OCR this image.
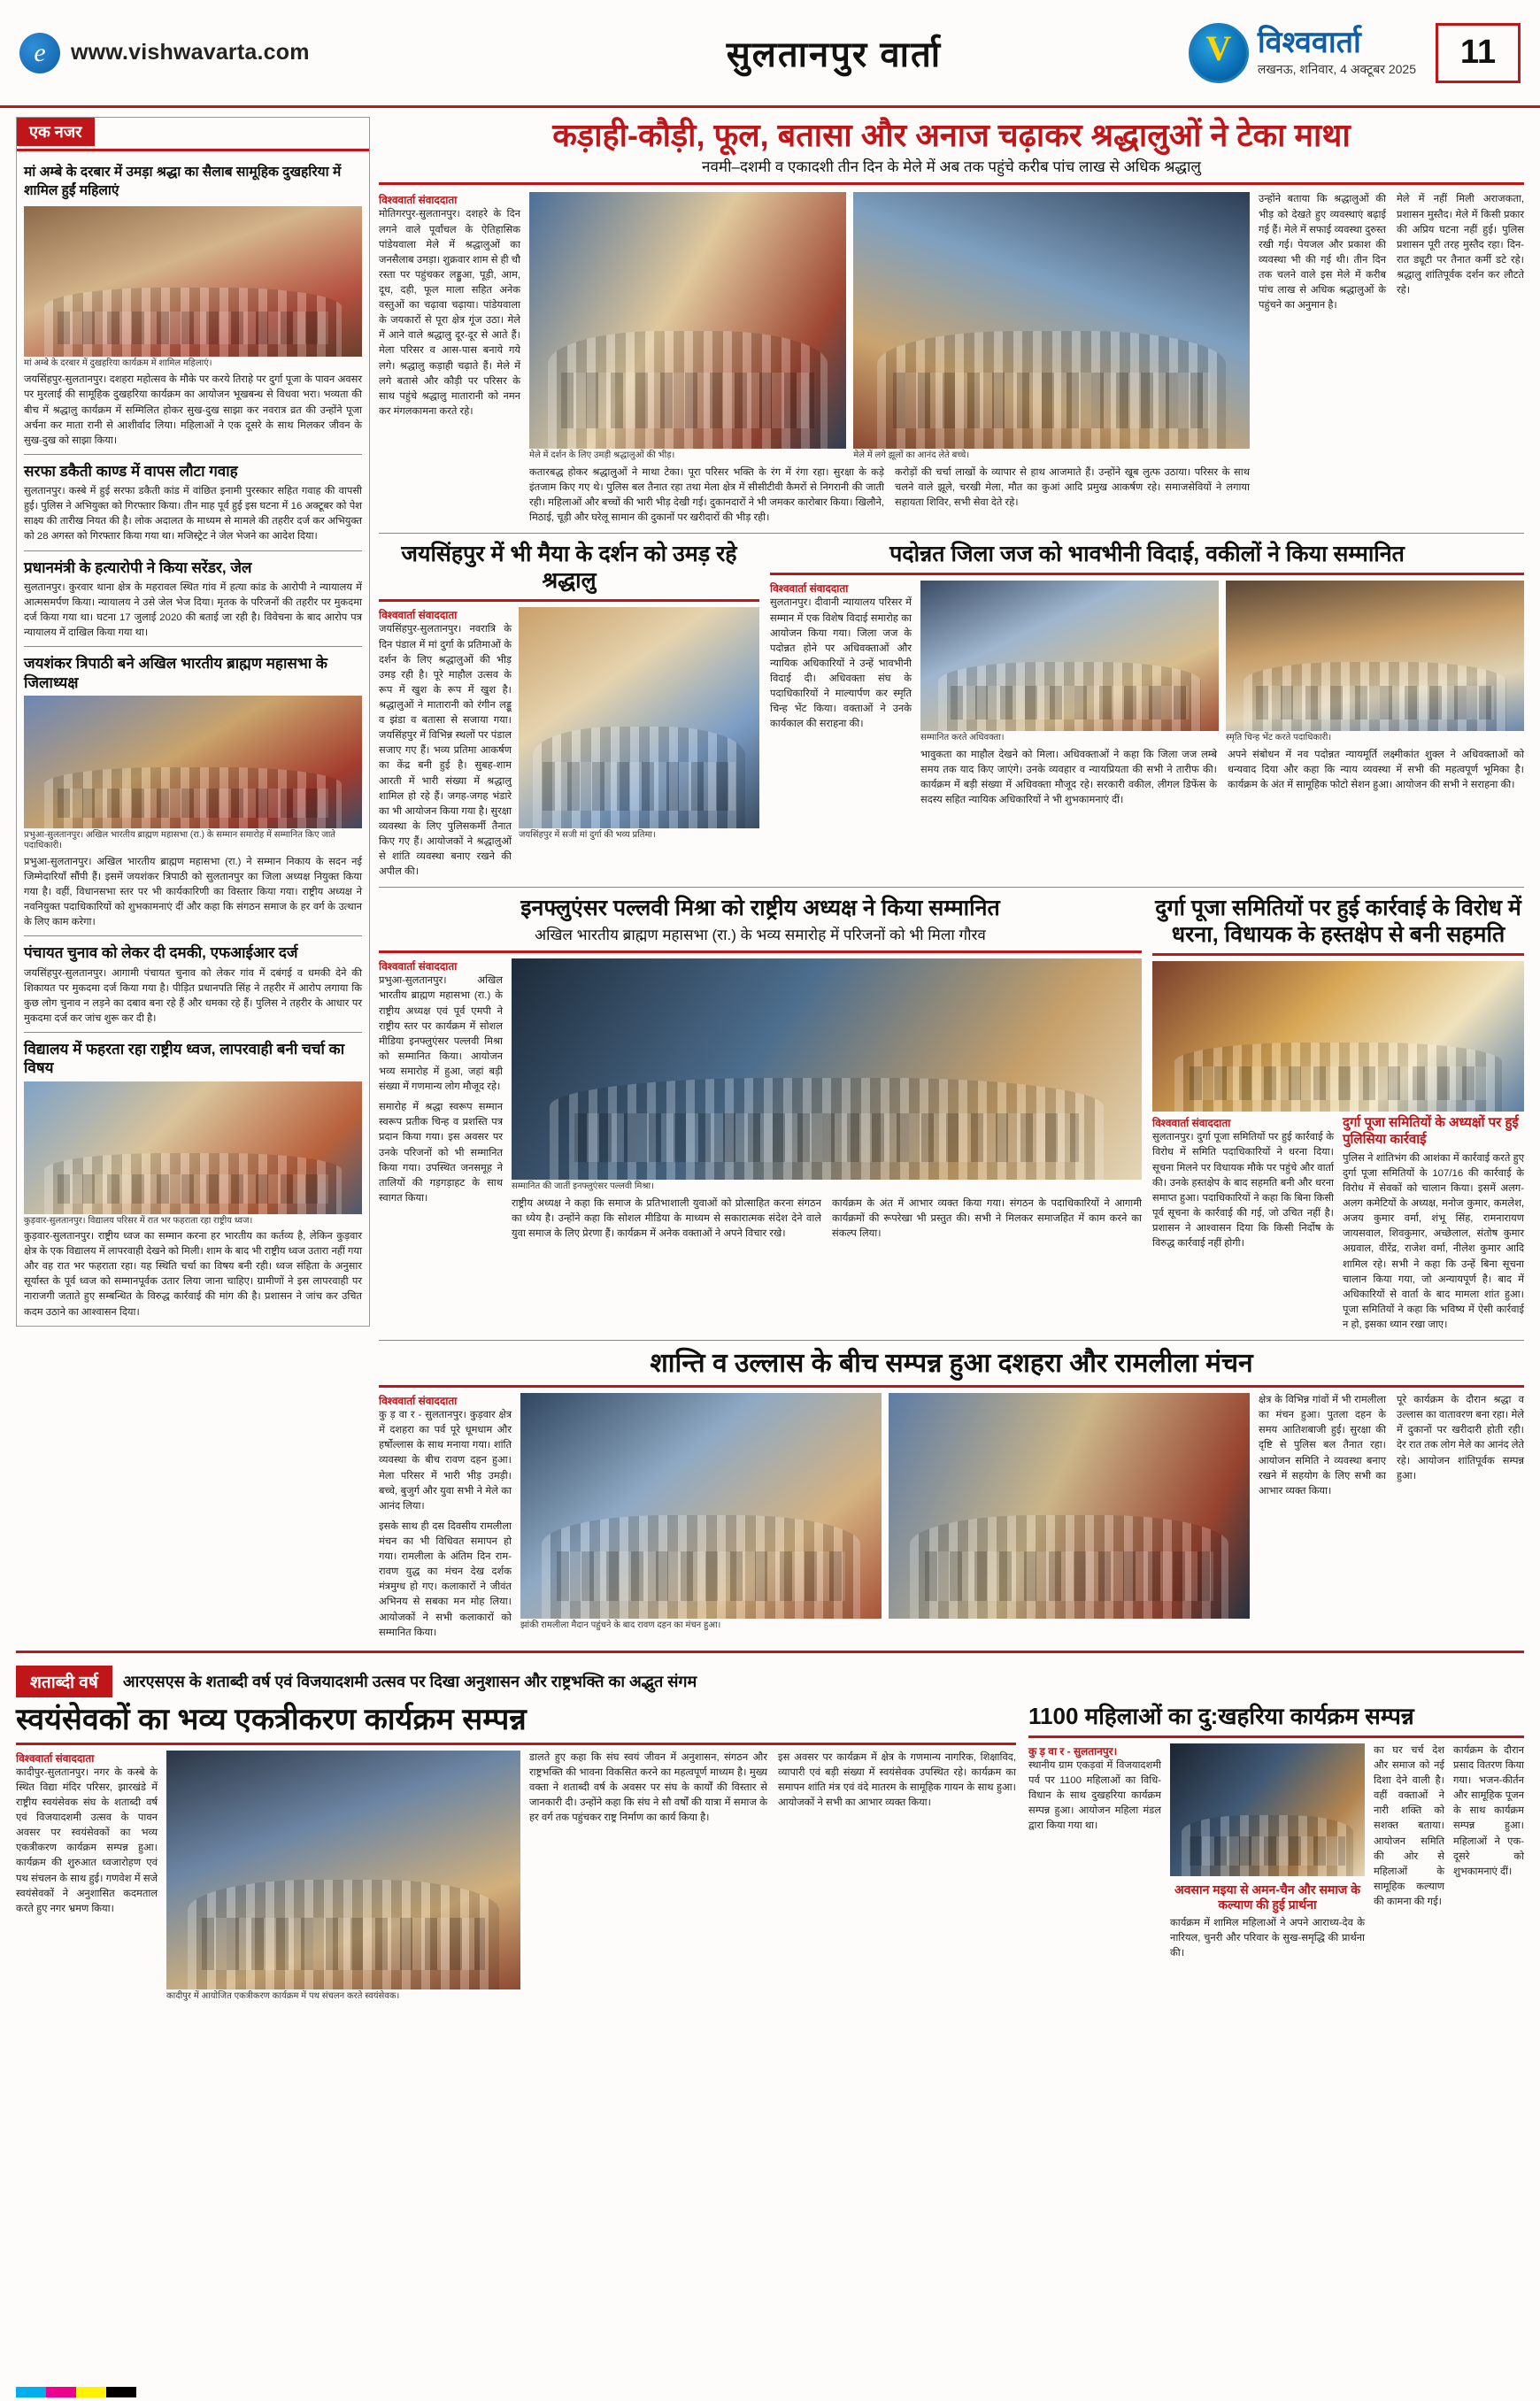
e	www.vishwavarta.com	सुलतानपुर वार्ता V	विश्ववार्ता
लखनऊ, शनिवार, 4 अक्टूबर 2025	11
एक नजर
मां अम्बे के दरबार में उमड़ा श्रद्धा का सैलाब सामूहिक दुखहरिया में शामिल हुईं महिलाएं
मां अम्बे के दरबार में दुखहरिया कार्यक्रम में शामिल महिलाएं।
जयसिंहपुर-सुलतानपुर। दशहरा महोत्सव के मौके पर करये तिराहे पर दुर्गा पूजा के पावन अवसर पर मुरलाई की सामूहिक दुखहरिया कार्यक्रम का आयोजन भूखबन्ध से विधवा भरा। भव्यता की बीच में श्रद्धालु कार्यक्रम में सम्मिलित होकर सुख-दुख साझा कर नवरात्र व्रत की उन्होंने पूजा अर्चना कर माता रानी से आशीर्वाद लिया। महिलाओं ने एक दूसरे के साथ मिलकर जीवन के सुख-दुख को साझा किया।
सरफा डकैती काण्ड में वापस लौटा गवाह
सुलतानपुर। कस्बे में हुई सरफा डकैती कांड में वांछित इनामी पुरस्कार सहित गवाह की वापसी हुई। पुलिस ने अभियुक्त को गिरफ्तार किया। तीन माह पूर्व हुई इस घटना में 16 अक्टूबर को पेश साक्ष्य की तारीख नियत की है। लोक अदालत के माध्यम से मामले की तहरीर दर्ज कर अभियुक्त को 28 अगस्त को गिरफ्तार किया गया था। मजिस्ट्रेट ने जेल भेजने का आदेश दिया।
प्रधानमंत्री के हत्यारोपी ने किया सरेंडर, जेल
सुलतानपुर। कुरवार थाना क्षेत्र के महरावल स्थित गांव में हत्या कांड के आरोपी ने न्यायालय में आत्मसमर्पण किया। न्यायालय ने उसे जेल भेज दिया। मृतक के परिजनों की तहरीर पर मुकदमा दर्ज किया गया था। घटना 17 जुलाई 2020 की बताई जा रही है। विवेचना के बाद आरोप पत्र न्यायालय में दाखिल किया गया था।
जयशंकर त्रिपाठी बने अखिल भारतीय ब्राह्मण महासभा के जिलाध्यक्ष
प्रभुआ-सुलतानपुर। अखिल भारतीय ब्राह्मण महासभा (रा.) के सम्मान समारोह में सम्मानित किए जाते पदाधिकारी।
प्रभुआ-सुलतानपुर। अखिल भारतीय ब्राह्मण महासभा (रा.) ने सम्मान निकाय के सदन नई जिम्मेदारियाँ सौंपी हैं। इसमें जयशंकर त्रिपाठी को सुलतानपुर का जिला अध्यक्ष नियुक्त किया गया है। वहीं, विधानसभा स्तर पर भी कार्यकारिणी का विस्तार किया गया। राष्ट्रीय अध्यक्ष ने नवनियुक्त पदाधिकारियों को शुभकामनाएं दीं और कहा कि संगठन समाज के हर वर्ग के उत्थान के लिए काम करेगा।
पंचायत चुनाव को लेकर दी दमकी, एफआईआर दर्ज
जयसिंहपुर-सुलतानपुर। आगामी पंचायत चुनाव को लेकर गांव में दबंगई व धमकी देने की शिकायत पर मुकदमा दर्ज किया गया है। पीड़ित प्रधानपति सिंह ने तहरीर में आरोप लगाया कि कुछ लोग चुनाव न लड़ने का दबाव बना रहे हैं और धमका रहे हैं। पुलिस ने तहरीर के आधार पर मुकदमा दर्ज कर जांच शुरू कर दी है।
विद्यालय में फहरता रहा राष्ट्रीय ध्वज, लापरवाही बनी चर्चा का विषय
कुड़वार-सुलतानपुर। विद्यालय परिसर में रात भर फहराता रहा राष्ट्रीय ध्वज।
कुड़वार-सुलतानपुर। राष्ट्रीय ध्वज का सम्मान करना हर भारतीय का कर्तव्य है, लेकिन कुड़वार क्षेत्र के एक विद्यालय में लापरवाही देखने को मिली। शाम के बाद भी राष्ट्रीय ध्वज उतारा नहीं गया और वह रात भर फहराता रहा। यह स्थिति चर्चा का विषय बनी रही। ध्वज संहिता के अनुसार सूर्यास्त के पूर्व ध्वज को सम्मानपूर्वक उतार लिया जाना चाहिए। ग्रामीणों ने इस लापरवाही पर नाराजगी जताते हुए सम्बन्धित के विरुद्ध कार्रवाई की मांग की है। प्रशासन ने जांच कर उचित कदम उठाने का आश्वासन दिया।
कड़ाही-कौड़ी, फूल, बतासा और अनाज चढ़ाकर श्रद्धालुओं ने टेका माथा
नवमी–दशमी व एकादशी तीन दिन के मेले में अब तक पहुंचे करीब पांच लाख से अधिक श्रद्धालु
विश्ववार्ता संवाददाता
मोतिगरपुर-सुलतानपुर। दशहरे के दिन लगने वाले पूर्वांचल के ऐतिहासिक पांडेयवाला मेले में श्रद्धालुओं का जनसैलाब उमड़ा। शुक्रवार शाम से ही चौ रस्ता पर पहुंचकर लड्डुआ, पूड़ी, आम, दूध, दही, फूल माला सहित अनेक वस्तुओं का चढ़ावा चढ़ाया। पांडेयवाला के जयकारों से पूरा क्षेत्र गूंज उठा। मेले में आने वाले श्रद्धालु दूर-दूर से आते हैं। मेला परिसर व आस-पास बनाये गये लगे। श्रद्धालु कड़ाही चढ़ाते हैं। मेले में लगे बतासे और कौड़ी पर परिसर के साथ पहुंचे श्रद्धालु मातारानी को नमन कर मंगलकामना करते रहे।
मेले में दर्शन के लिए उमड़ी श्रद्धालुओं की भीड़।	मेले में लगे झूलों का आनंद लेते बच्चे।
कतारबद्ध होकर श्रद्धालुओं ने माथा टेका। पूरा परिसर भक्ति के रंग में रंगा रहा। सुरक्षा के कड़े इंतजाम किए गए थे। पुलिस बल तैनात रहा तथा मेला क्षेत्र में सीसीटीवी कैमरों से निगरानी की जाती रही। महिलाओं और बच्चों की भारी भीड़ देखी गई। दुकानदारों ने भी जमकर कारोबार किया। खिलौने, मिठाई, चूड़ी और घरेलू सामान की दुकानों पर खरीदारों की भीड़ रही।
करोड़ों की चर्चा लाखों के व्यापार से हाथ आजमाते हैं। उन्होंने खूब लुत्फ उठाया। परिसर के साथ चलने वाले झूले, चरखी मेला, मौत का कुआं आदि प्रमुख आकर्षण रहे। समाजसेवियों ने लगाया सहायता शिविर, सभी सेवा देते रहे।
उन्होंने बताया कि श्रद्धालुओं की भीड़ को देखते हुए व्यवस्थाएं बढ़ाई गई हैं। मेले में सफाई व्यवस्था दुरुस्त रखी गई। पेयजल और प्रकाश की व्यवस्था भी की गई थी। तीन दिन तक चलने वाले इस मेले में करीब पांच लाख से अधिक श्रद्धालुओं के पहुंचने का अनुमान है।
मेले में नहीं मिली अराजकता, प्रशासन मुस्तैद। मेले में किसी प्रकार की अप्रिय घटना नहीं हुई। पुलिस प्रशासन पूरी तरह मुस्तैद रहा। दिन-रात ड्यूटी पर तैनात कर्मी डटे रहे। श्रद्धालु शांतिपूर्वक दर्शन कर लौटते रहे।
जयसिंहपुर में भी मैया के दर्शन को उमड़ रहे श्रद्धालु
विश्ववार्ता संवाददाता
जयसिंहपुर-सुलतानपुर। नवरात्रि के दिन पंडाल में मां दुर्गा के प्रतिमाओं के दर्शन के लिए श्रद्धालुओं की भीड़ उमड़ रही है। पूरे माहौल उत्सव के रूप में खुश के रूप में खुश है। श्रद्धालुओं ने मातारानी को रंगीन लड्डू व झंडा व बतासा से सजाया गया। जयसिंहपुर में विभिन्न स्थलों पर पंडाल सजाए गए हैं। भव्य प्रतिमा आकर्षण का केंद्र बनी हुई है। सुबह-शाम आरती में भारी संख्या में श्रद्धालु शामिल हो रहे हैं। जगह-जगह भंडारे का भी आयोजन किया गया है। सुरक्षा व्यवस्था के लिए पुलिसकर्मी तैनात किए गए हैं। आयोजकों ने श्रद्धालुओं से शांति व्यवस्था बनाए रखने की अपील की।
जयसिंहपुर में सजी मां दुर्गा की भव्य प्रतिमा।
पदोन्नत जिला जज को भावभीनी विदाई, वकीलों ने किया सम्मानित
विश्ववार्ता संवाददाता
सुलतानपुर। दीवानी न्यायालय परिसर में सम्मान में एक विशेष विदाई समारोह का आयोजन किया गया। जिला जज के पदोन्नत होने पर अधिवक्ताओं और न्यायिक अधिकारियों ने उन्हें भावभीनी विदाई दी। अधिवक्ता संघ के पदाधिकारियों ने माल्यार्पण कर स्मृति चिन्ह भेंट किया। वक्ताओं ने उनके कार्यकाल की सराहना की।
सम्मानित करते अधिवक्ता।	स्मृति चिन्ह भेंट करते पदाधिकारी।
भावुकता का माहौल देखने को मिला। अधिवक्ताओं ने कहा कि जिला जज लम्बे समय तक याद किए जाएंगे। उनके व्यवहार व न्यायप्रियता की सभी ने तारीफ की। कार्यक्रम में बड़ी संख्या में अधिवक्ता मौजूद रहे। सरकारी वकील, लीगल डिफेंस के सदस्य सहित न्यायिक अधिकारियों ने भी शुभकामनाएं दीं।
अपने संबोधन में नव पदोन्नत न्यायमूर्ति लक्ष्मीकांत शुक्ल ने अधिवक्ताओं को धन्यवाद दिया और कहा कि न्याय व्यवस्था में सभी की महत्वपूर्ण भूमिका है। कार्यक्रम के अंत में सामूहिक फोटो सेशन हुआ। आयोजन की सभी ने सराहना की।
इनफ्लुएंसर पल्लवी मिश्रा को राष्ट्रीय अध्यक्ष ने किया सम्मानित
अखिल भारतीय ब्राह्मण महासभा (रा.) के भव्य समारोह में परिजनों को भी मिला गौरव
विश्ववार्ता संवाददाता
प्रभुआ-सुलतानपुर। अखिल भारतीय ब्राह्मण महासभा (रा.) के राष्ट्रीय अध्यक्ष एवं पूर्व एमपी ने राष्ट्रीय स्तर पर कार्यक्रम में सोशल मीडिया इनफ्लुएंसर पल्लवी मिश्रा को सम्मानित किया। आयोजन भव्य समारोह में हुआ, जहां बड़ी संख्या में गणमान्य लोग मौजूद रहे।
समारोह में श्रद्धा स्वरूप सम्मान स्वरूप प्रतीक चिन्ह व प्रशस्ति पत्र प्रदान किया गया। इस अवसर पर उनके परिजनों को भी सम्मानित किया गया। उपस्थित जनसमूह ने तालियों की गड़गड़ाहट के साथ स्वागत किया।
सम्मानित की जातीं इनफ्लुएंसर पल्लवी मिश्रा।
राष्ट्रीय अध्यक्ष ने कहा कि समाज के प्रतिभाशाली युवाओं को प्रोत्साहित करना संगठन का ध्येय है। उन्होंने कहा कि सोशल मीडिया के माध्यम से सकारात्मक संदेश देने वाले युवा समाज के लिए प्रेरणा हैं। कार्यक्रम में अनेक वक्ताओं ने अपने विचार रखे।
कार्यक्रम के अंत में आभार व्यक्त किया गया। संगठन के पदाधिकारियों ने आगामी कार्यक्रमों की रूपरेखा भी प्रस्तुत की। सभी ने मिलकर समाजहित में काम करने का संकल्प लिया।
दुर्गा पूजा समितियों पर हुई कार्रवाई के विरोध में धरना, विधायक के हस्तक्षेप से बनी सहमति
विश्ववार्ता संवाददाता
सुलतानपुर। दुर्गा पूजा समितियों पर हुई कार्रवाई के विरोध में समिति पदाधिकारियों ने धरना दिया। सूचना मिलने पर विधायक मौके पर पहुंचे और वार्ता की। उनके हस्तक्षेप के बाद सहमति बनी और धरना समाप्त हुआ। पदाधिकारियों ने कहा कि बिना किसी पूर्व सूचना के कार्रवाई की गई, जो उचित नहीं है। प्रशासन ने आश्वासन दिया कि किसी निर्दोष के विरुद्ध कार्रवाई नहीं होगी।
दुर्गा पूजा समितियों के अध्यक्षों पर हुई पुलिसिया कार्रवाई
पुलिस ने शांतिभंग की आशंका में कार्रवाई करते हुए दुर्गा पूजा समितियों के 107/16 की कार्रवाई के विरोध में सेवकों को चालान किया। इसमें अलग-अलग कमेटियों के अध्यक्ष, मनोज कुमार, कमलेश, अजय कुमार वर्मा, शंभू सिंह, रामनारायण जायसवाल, शिवकुमार, अच्छेलाल, संतोष कुमार अग्रवाल, वीरेंद्र, राजेश वर्मा, नीलेश कुमार आदि शामिल रहे। सभी ने कहा कि उन्हें बिना सूचना चालान किया गया, जो अन्यायपूर्ण है। बाद में अधिकारियों से वार्ता के बाद मामला शांत हुआ। पूजा समितियों ने कहा कि भविष्य में ऐसी कार्रवाई न हो, इसका ध्यान रखा जाए।
शान्ति व उल्लास के बीच सम्पन्न हुआ दशहरा और रामलीला मंचन
विश्ववार्ता संवाददाता
कु ड़ वा र - सुलतानपुर। कुड़वार क्षेत्र में दशहरा का पर्व पूरे धूमधाम और हर्षोल्लास के साथ मनाया गया। शांति व्यवस्था के बीच रावण दहन हुआ। मेला परिसर में भारी भीड़ उमड़ी। बच्चे, बुजुर्ग और युवा सभी ने मेले का आनंद लिया।
इसके साथ ही दस दिवसीय रामलीला मंचन का भी विधिवत समापन हो गया। रामलीला के अंतिम दिन राम-रावण युद्ध का मंचन देख दर्शक मंत्रमुग्ध हो गए। कलाकारों ने जीवंत अभिनय से सबका मन मोह लिया। आयोजकों ने सभी कलाकारों को सम्मानित किया।
झांकी रामलीला मैदान पहुंचने के बाद रावण दहन का मंचन हुआ।
क्षेत्र के विभिन्न गांवों में भी रामलीला का मंचन हुआ। पुतला दहन के समय आतिशबाजी हुई। सुरक्षा की दृष्टि से पुलिस बल तैनात रहा। आयोजन समिति ने व्यवस्था बनाए रखने में सहयोग के लिए सभी का आभार व्यक्त किया।
पूरे कार्यक्रम के दौरान श्रद्धा व उल्लास का वातावरण बना रहा। मेले में दुकानों पर खरीदारी होती रही। देर रात तक लोग मेले का आनंद लेते रहे। आयोजन शांतिपूर्वक सम्पन्न हुआ।
शताब्दी वर्ष	आरएसएस के शताब्दी वर्ष एवं विजयादशमी उत्सव पर दिखा अनुशासन और राष्ट्रभक्ति का अद्भुत संगम
स्वयंसेवकों का भव्य एकत्रीकरण कार्यक्रम सम्पन्न
विश्ववार्ता संवाददाता
कादीपुर-सुलतानपुर। नगर के कस्बे के स्थित विद्या मंदिर परिसर, झारखंडे में राष्ट्रीय स्वयंसेवक संघ के शताब्दी वर्ष एवं विजयादशमी उत्सव के पावन अवसर पर स्वयंसेवकों का भव्य एकत्रीकरण कार्यक्रम सम्पन्न हुआ। कार्यक्रम की शुरुआत ध्वजारोहण एवं पथ संचलन के साथ हुई। गणवेश में सजे स्वयंसेवकों ने अनुशासित कदमताल करते हुए नगर भ्रमण किया।
कादीपुर में आयोजित एकत्रीकरण कार्यक्रम में पथ संचलन करते स्वयंसेवक।
डालते हुए कहा कि संघ स्वयं जीवन में अनुशासन, संगठन और राष्ट्रभक्ति की भावना विकसित करने का महत्वपूर्ण माध्यम है। मुख्य वक्ता ने शताब्दी वर्ष के अवसर पर संघ के कार्यों की विस्तार से जानकारी दी। उन्होंने कहा कि संघ ने सौ वर्षों की यात्रा में समाज के हर वर्ग तक पहुंचकर राष्ट्र निर्माण का कार्य किया है।
इस अवसर पर कार्यक्रम में क्षेत्र के गणमान्य नागरिक, शिक्षाविद, व्यापारी एवं बड़ी संख्या में स्वयंसेवक उपस्थित रहे। कार्यक्रम का समापन शांति मंत्र एवं वंदे मातरम के सामूहिक गायन के साथ हुआ। आयोजकों ने सभी का आभार व्यक्त किया।
1100 महिलाओं का दु:खहरिया कार्यक्रम सम्पन्न
कु ड़ वा र - सुलतानपुर।
स्थानीय ग्राम एकड़वां में विजयादशमी पर्व पर 1100 महिलाओं का विधि-विधान के साथ दुखहरिया कार्यक्रम सम्पन्न हुआ। आयोजन महिला मंडल द्वारा किया गया था।
अवसान मइया से अमन-चैन और समाज के कल्याण की हुई प्रार्थना
कार्यक्रम में शामिल महिलाओं ने अपने आराध्य-देव के नारियल, चुनरी और परिवार के सुख-समृद्धि की प्रार्थना की।
का घर चर्च देश और समाज को नई दिशा देने वाली है। वहीं वक्ताओं ने नारी शक्ति को सशक्त बताया। आयोजन समिति की ओर से महिलाओं के सामूहिक कल्याण की कामना की गई।
कार्यक्रम के दौरान प्रसाद वितरण किया गया। भजन-कीर्तन और सामूहिक पूजन के साथ कार्यक्रम सम्पन्न हुआ। महिलाओं ने एक-दूसरे को शुभकामनाएं दीं।
